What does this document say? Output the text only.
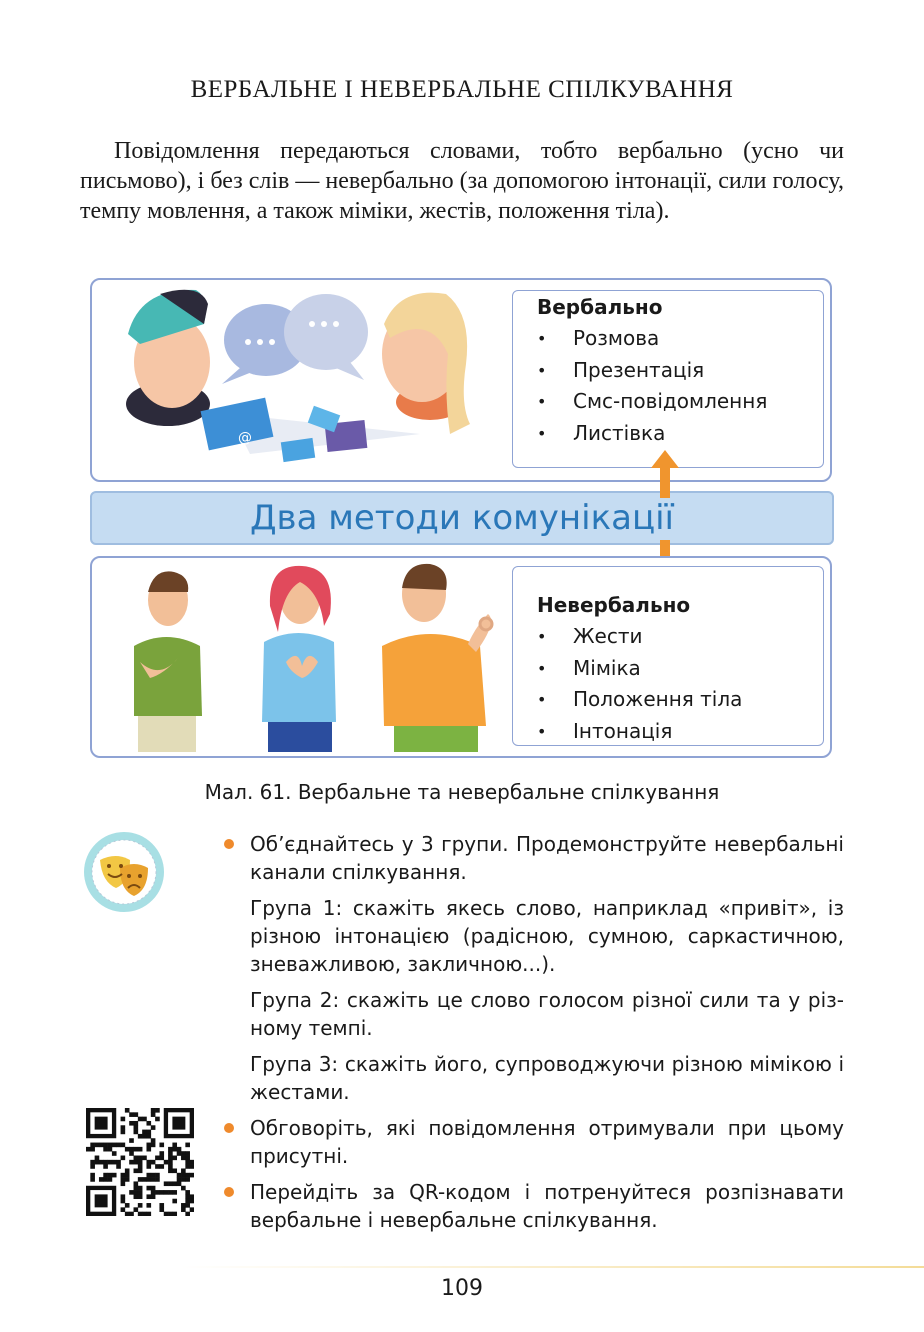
ВЕРБАЛЬНЕ І НЕВЕРБАЛЬНЕ СПІЛКУВАННЯ
Повідомлення передаються словами, тобто вербально (усно чи письмово), і без слів — невербально (за допомогою інтонації, сили голосу, темпу мовлення, а також міміки, жестів, положення тіла).
@
Вербально
• Розмова
• Презентація
• Смс-повідомлення
• Листівка
Два методи комунікації
Невербально
• Жести
• Міміка
• Положення тіла
• Інтонація
Мал. 61. Вербальне та невербальне спілкування
Об’єднайтесь у 3 групи. Продемонструйте невербальні канали спілкування.
Група 1: скажіть якесь слово, наприклад «привіт», із різною інтонацією (радісною, сумною, саркастичною, зневажливою, закличною...).
Група 2: скажіть це слово голосом різної сили та у різ-ному темпі.
Група 3: скажіть його, супроводжуючи різною мімікою і жестами.
Обговоріть, які повідомлення отримували при цьому присутні.
Перейдіть за QR-кодом і потренуйтеся розпізнавати вербальне і невербальне спілкування.
109
